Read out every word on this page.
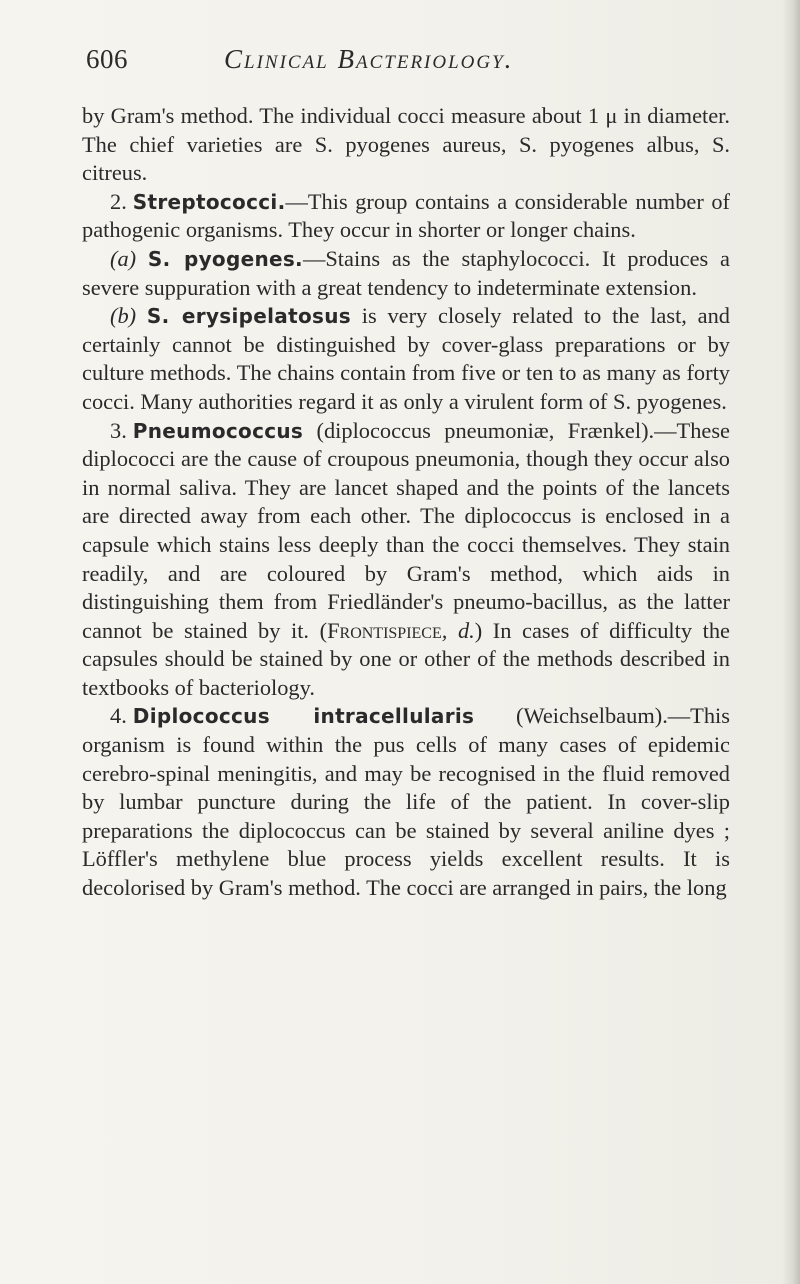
606	Clinical Bacteriology.

by Gram's method. The individual cocci measure about 1 μ in diameter. The chief varieties are S. pyogenes aureus, S. pyogenes albus, S. citreus.

2. Streptococci.—This group contains a considerable number of pathogenic organisms. They occur in shorter or longer chains.

(a) S. pyogenes.—Stains as the staphylococci. It produces a severe suppuration with a great tendency to indeterminate extension.

(b) S. erysipelatosus is very closely related to the last, and certainly cannot be distinguished by cover-glass preparations or by culture methods. The chains contain from five or ten to as many as forty cocci. Many authorities regard it as only a virulent form of S. pyogenes.

3. Pneumococcus (diplococcus pneumoniæ, Frænkel).—These diplococci are the cause of croupous pneumonia, though they occur also in normal saliva. They are lancet shaped and the points of the lancets are directed away from each other. The diplococcus is enclosed in a capsule which stains less deeply than the cocci themselves. They stain readily, and are coloured by Gram's method, which aids in distinguishing them from Friedländer's pneumo-bacillus, as the latter cannot be stained by it. (Frontispiece, d.) In cases of difficulty the capsules should be stained by one or other of the methods described in textbooks of bacteriology.

4. Diplococcus intracellularis (Weichselbaum).—This organism is found within the pus cells of many cases of epidemic cerebro-spinal meningitis, and may be recognised in the fluid removed by lumbar puncture during the life of the patient. In cover-slip preparations the diplococcus can be stained by several aniline dyes ; Löffler's methylene blue process yields excellent results. It is decolorised by Gram's method. The cocci are arranged in pairs, the long
